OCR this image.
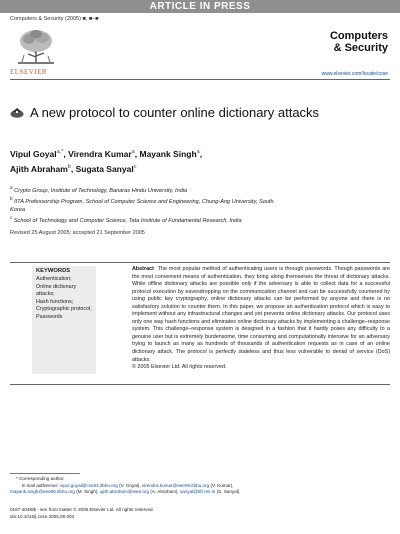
ARTICLE IN PRESS
Computers & Security (2005) ■, ■–■
ELSEVIER
Computers
& Security
www.elsevier.com/locate/cose
A new protocol to counter online dictionary attacks
Vipul Goyal$^{a,*}$, Virendra Kumar$^a$, Mayank Singh$^a$,
Ajith Abraham$^b$, Sugata Sanyal$^c$
$^a$ Crypto Group, Institute of Technology, Banaras Hindu University, India
$^b$ IITA Professorship Program, School of Computer Science and Engineering, Chung-Ang University, South Korea
$^c$ School of Technology and Computer Science, Tata Institute of Fundamental Research, India
Revised 25 August 2005; accepted 21 September 2005
KEYWORDS
Authentication;
Online dictionary attacks;
Hash functions;
Cryptographic protocol;
Passwords
Abstract The most popular method of authenticating users is through passwords. Though passwords are the most convenient means of authentication, they bring along themselves the threat of dictionary attacks. While offline dictionary attacks are possible only if the adversary is able to collect data for a successful protocol execution by eavesdropping on the communication channel and can be successfully countered by using public key cryptography, online dictionary attacks can be performed by anyone and there is no satisfactory solution to counter them. In this paper, we propose an authentication protocol which is easy to implement without any infrastructural changes and yet prevents online dictionary attacks. Our protocol uses only one way hash functions and eliminates online dictionary attacks by implementing a challenge–response system. This challenge–response system is designed in a fashion that it hardly poses any difficulty to a genuine user but is extremely burdensome, time consuming and computationally intensive for an adversary trying to launch as many as hundreds of thousands of authentication requests as in case of an online dictionary attack. The protocol is perfectly stateless and thus less vulnerable to denial of service (DoS) attacks.
© 2005 Elsevier Ltd. All rights reserved.
* Corresponding author.
E-mail addresses: vipul.goyal@cse04.itbhu.org (V. Goyal), virendra.kumar@eee06.itbhu.org (V. Kumar),
mayank.singh@eee06.itbhu.org (M. Singh), ajith.abraham@ieee.org (A. Abraham), sanyal@tifr.res.in (S. Sanyal).
0167-4048/$ - see front matter © 2005 Elsevier Ltd. All rights reserved.
doi:10.1016/j.cose.2005.09.003
